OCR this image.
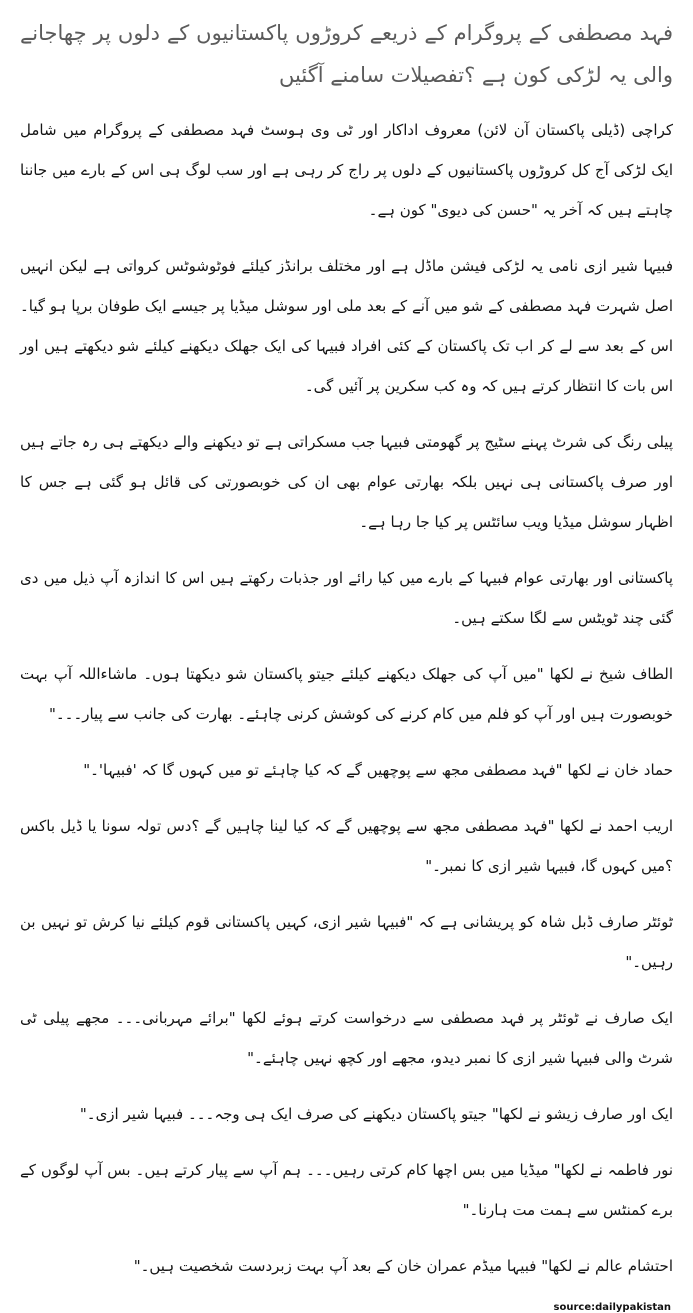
فہد مصطفی کے پروگرام کے ذریعے کروڑوں پاکستانیوں کے دلوں پر چھاجانے والی یہ لڑکی کون ہے ؟تفصیلات سامنے آگئیں

کراچی (ڈیلی پاکستان آن لائن) معروف اداکار اور ٹی وی ہوسٹ فہد مصطفی کے پروگرام میں شامل ایک لڑکی آج کل کروڑوں پاکستانیوں کے دلوں پر راج کر رہی ہے اور سب لوگ ہی اس کے بارے میں جاننا چاہتے ہیں کہ آخر یہ "حسن کی دیوی" کون ہے۔

فبیہا شیر ازی نامی یہ لڑکی فیشن ماڈل ہے اور مختلف برانڈز کیلئے فوٹوشوٹس کرواتی ہے لیکن انہیں اصل شہرت فہد مصطفی کے شو میں آنے کے بعد ملی اور سوشل میڈیا پر جیسے ایک طوفان برپا ہو گیا۔ اس کے بعد سے لے کر اب تک پاکستان کے کئی افراد فبیہا کی ایک جھلک دیکھنے کیلئے شو دیکھتے ہیں اور اس بات کا انتظار کرتے ہیں کہ وہ کب سکرین پر آئیں گی۔

پیلی رنگ کی شرٹ پہنے سٹیج پر گھومتی فبیہا جب مسکراتی ہے تو دیکھنے والے دیکھتے ہی رہ جاتے ہیں اور صرف پاکستانی ہی نہیں بلکہ بھارتی عوام بھی ان کی خوبصورتی کی قائل ہو گئی ہے جس کا اظہار سوشل میڈیا ویب سائٹس پر کیا جا رہا ہے۔

پاکستانی اور بھارتی عوام فبیہا کے بارے میں کیا رائے اور جذبات رکھتے ہیں اس کا اندازہ آپ ذیل میں دی گئی چند ٹویٹس سے لگا سکتے ہیں۔

الطاف شیخ نے لکھا "میں آپ کی جھلک دیکھنے کیلئے جیتو پاکستان شو دیکھتا ہوں۔ ماشاءاللہ آپ بہت خوبصورت ہیں اور آپ کو فلم میں کام کرنے کی کوشش کرنی چاہئے۔ بھارت کی جانب سے پیار۔۔۔"

حماد خان نے لکھا "فہد مصطفی مجھ سے پوچھیں گے کہ کیا چاہئے تو میں کہوں گا کہ 'فبیہا'۔"

اریب احمد نے لکھا "فہد مصطفی مجھ سے پوچھیں گے کہ کیا لینا چاہیں گے ؟دس تولہ سونا یا ڈیل باکس ؟میں کہوں گا، فبیہا شیر ازی کا نمبر۔"

ٹوئٹر صارف ڈبل شاہ کو پریشانی ہے کہ "فبیہا شیر ازی، کہیں پاکستانی قوم کیلئے نیا کرش تو نہیں بن رہیں۔"

ایک صارف نے ٹوئٹر پر فہد مصطفی سے درخواست کرتے ہوئے لکھا "برائے مہربانی۔۔۔ مجھے پیلی ٹی شرٹ والی فبیہا شیر ازی کا نمبر دیدو، مجھے اور کچھ نہیں چاہئے۔"

ایک اور صارف زیشو نے لکھا" جیتو پاکستان دیکھنے کی صرف ایک ہی وجہ۔۔۔ فبیہا شیر ازی۔"

نور فاطمہ نے لکھا" میڈیا میں بس اچھا کام کرتی رہیں۔۔۔ ہم آپ سے پیار کرتے ہیں۔ بس آپ لوگوں کے برے کمنٹس سے ہمت مت ہارنا۔"

احتشام عالم نے لکھا" فبیہا میڈم عمران خان کے بعد آپ بہت زبردست شخصیت ہیں۔"

source:dailypakistan
